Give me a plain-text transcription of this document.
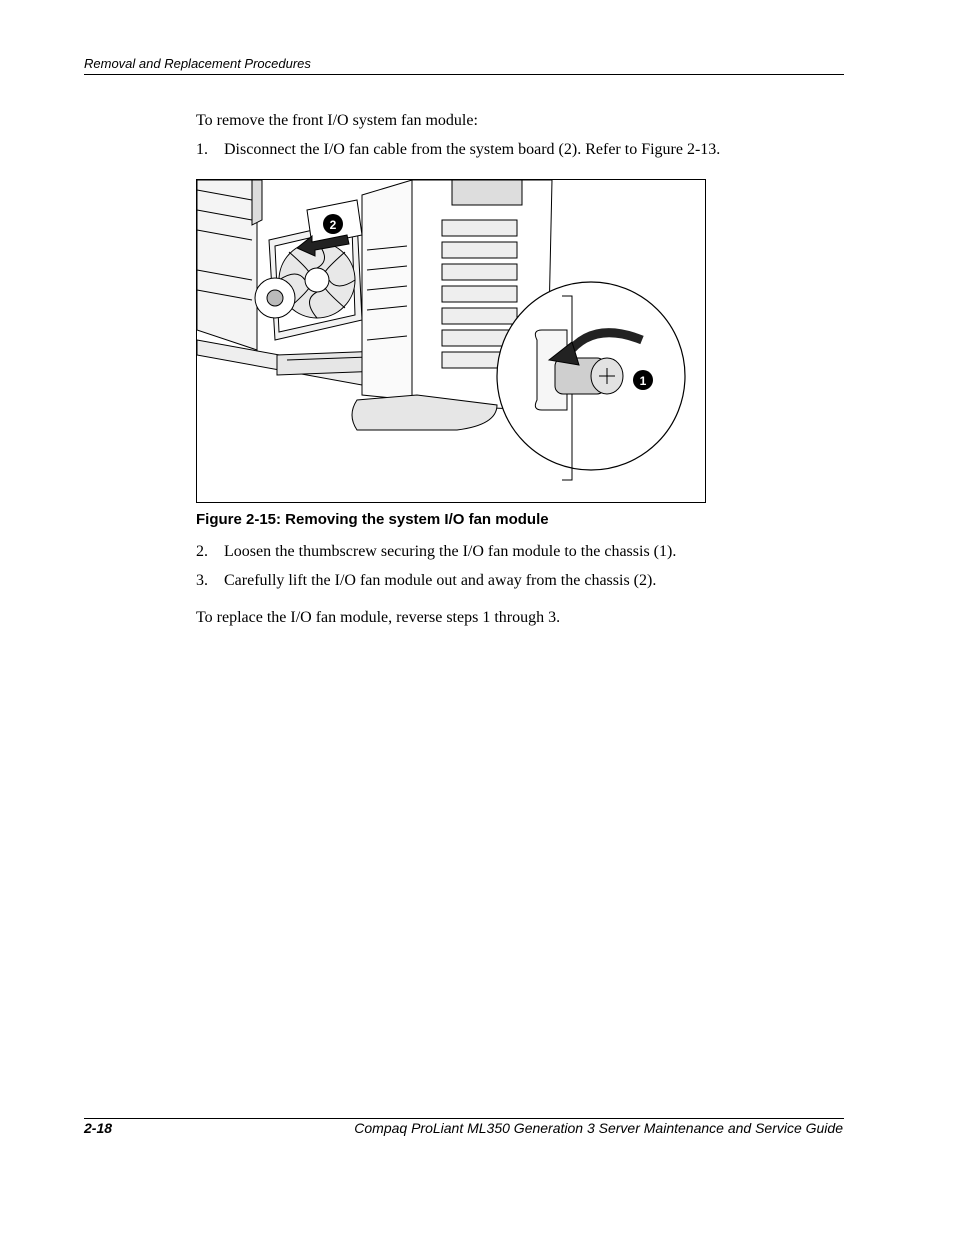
Removal and Replacement Procedures
To remove the front I/O system fan module:
1. Disconnect the I/O fan cable from the system board (2). Refer to Figure 2-13.
2
1
Figure 2-15: Removing the system I/O fan module
2. Loosen the thumbscrew securing the I/O fan module to the chassis (1).
3. Carefully lift the I/O fan module out and away from the chassis (2).
To replace the I/O fan module, reverse steps 1 through 3.
2-18	Compaq ProLiant ML350 Generation 3 Server Maintenance and Service Guide
